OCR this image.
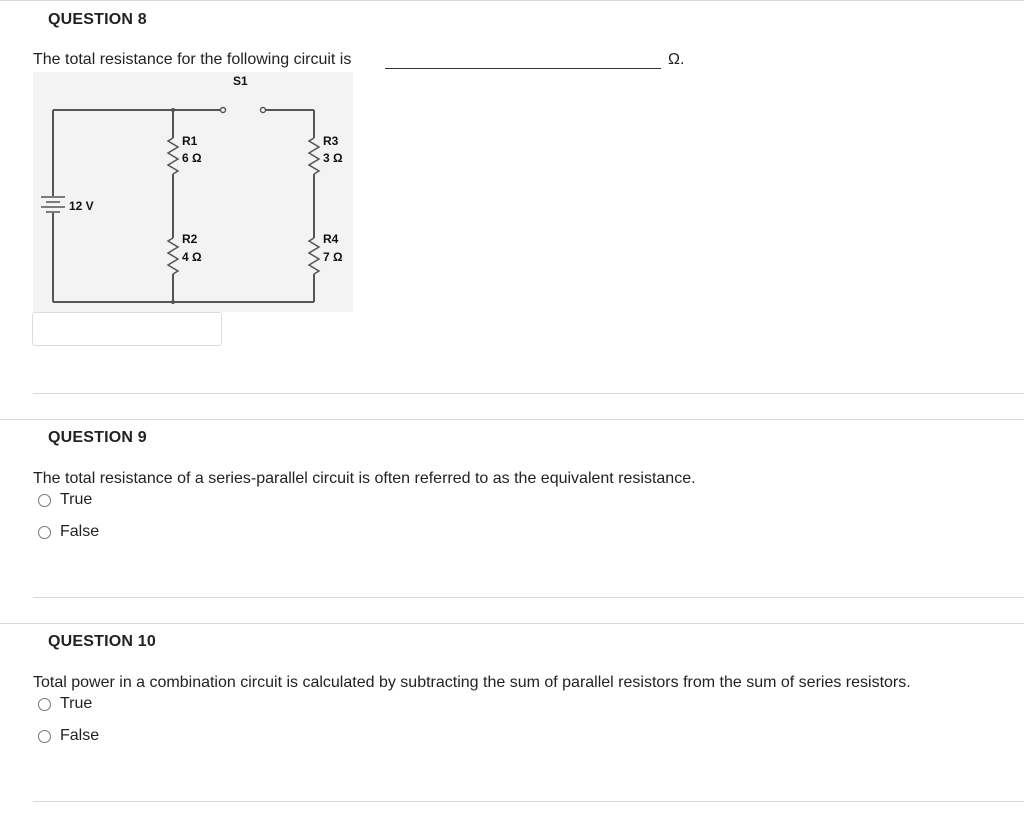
QUESTION 8
The total resistance for the following circuit is	Ω.
S1
12 V
R1
6 Ω
R2
4 Ω
R3
3 Ω
R4
7 Ω
QUESTION 9
The total resistance of a series-parallel circuit is often referred to as the equivalent resistance.
True
False
QUESTION 10
Total power in a combination circuit is calculated by subtracting the sum of parallel resistors from the sum of series resistors.
True
False
